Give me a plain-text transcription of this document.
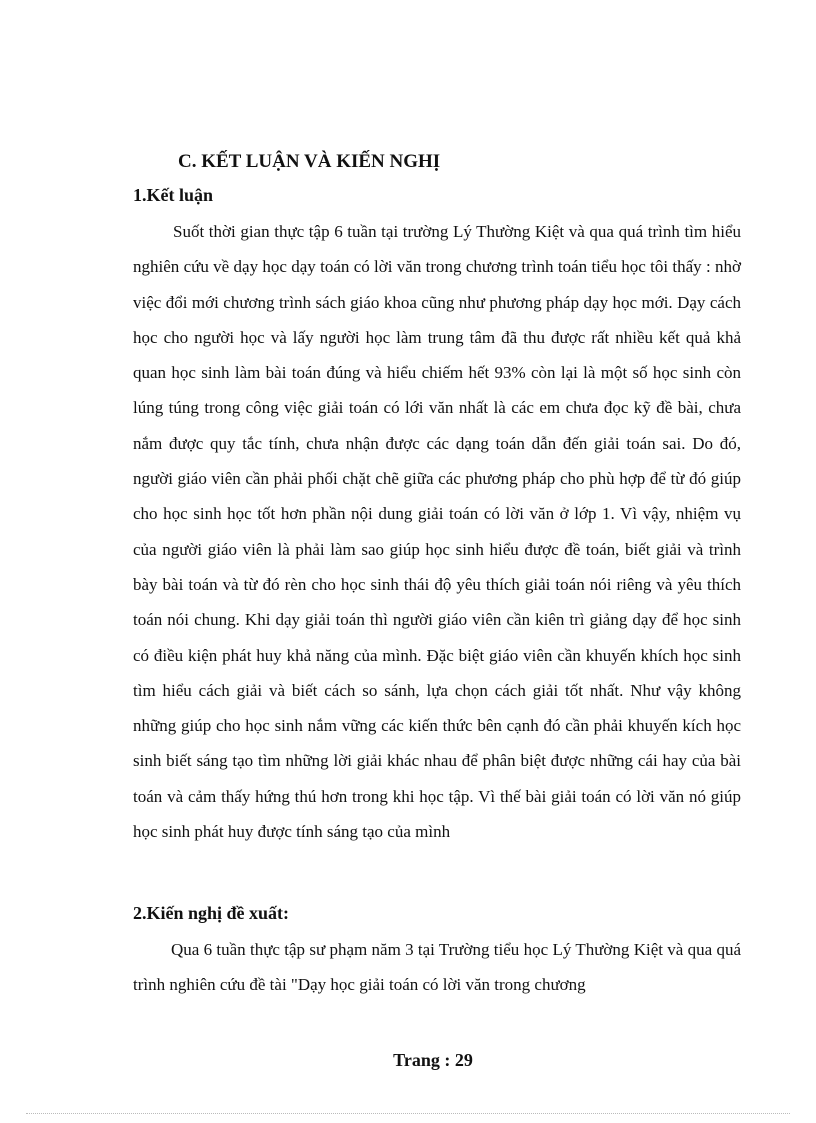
C. KẾT LUẬN VÀ KIẾN NGHỊ
1.Kết luận

Suốt thời gian thực tập 6 tuần tại trường Lý Thường Kiệt và qua quá trình tìm hiểu nghiên cứu về dạy học dạy toán có lời văn trong chương trình toán tiểu học tôi thấy : nhờ việc đổi mới chương trình sách giáo khoa cũng như phương pháp dạy học mới. Dạy cách học cho người học và lấy người học làm trung tâm đã thu được rất nhiều kết quả khả quan học sinh làm bài toán đúng và hiểu chiếm hết 93% còn lại là một số học sinh còn lúng túng trong công việc giải toán có lới văn nhất là các em chưa đọc kỹ đề bài, chưa nắm được quy tắc tính, chưa nhận được các dạng toán dẫn đến giải toán sai. Do đó, người giáo viên cần phải phối chặt chẽ giữa các phương pháp cho phù hợp để từ đó giúp cho học sinh học tốt hơn phần nội dung giải toán có lời văn ở lớp 1. Vì vậy, nhiệm vụ của người giáo viên là phải làm sao giúp học sinh hiểu được đề toán, biết giải và trình bày bài toán và từ đó rèn cho học sinh thái độ yêu thích giải toán nói riêng và yêu thích toán nói chung. Khi dạy giải toán thì người giáo viên cần kiên trì giảng dạy để học sinh có điều kiện phát huy khả năng của mình. Đặc biệt giáo viên cần khuyến khích học sinh tìm hiểu cách giải và biết cách so sánh, lựa chọn cách giải tốt nhất. Như vậy không những giúp cho học sinh nắm vững các kiến thức bên cạnh đó cần phải khuyến kích học sinh biết sáng tạo tìm những lời giải khác nhau để phân biệt được những cái hay của bài toán và cảm thấy hứng thú hơn trong khi học tập. Vì thế bài giải toán có lời văn nó giúp học sinh phát huy được tính sáng tạo của mình

2.Kiến nghị đề xuất:

Qua 6 tuần thực tập sư phạm năm 3 tại Trường tiểu học Lý Thường Kiệt và qua quá trình nghiên cứu đề tài "Dạy học giải toán có lời văn trong chương

Trang : 29
